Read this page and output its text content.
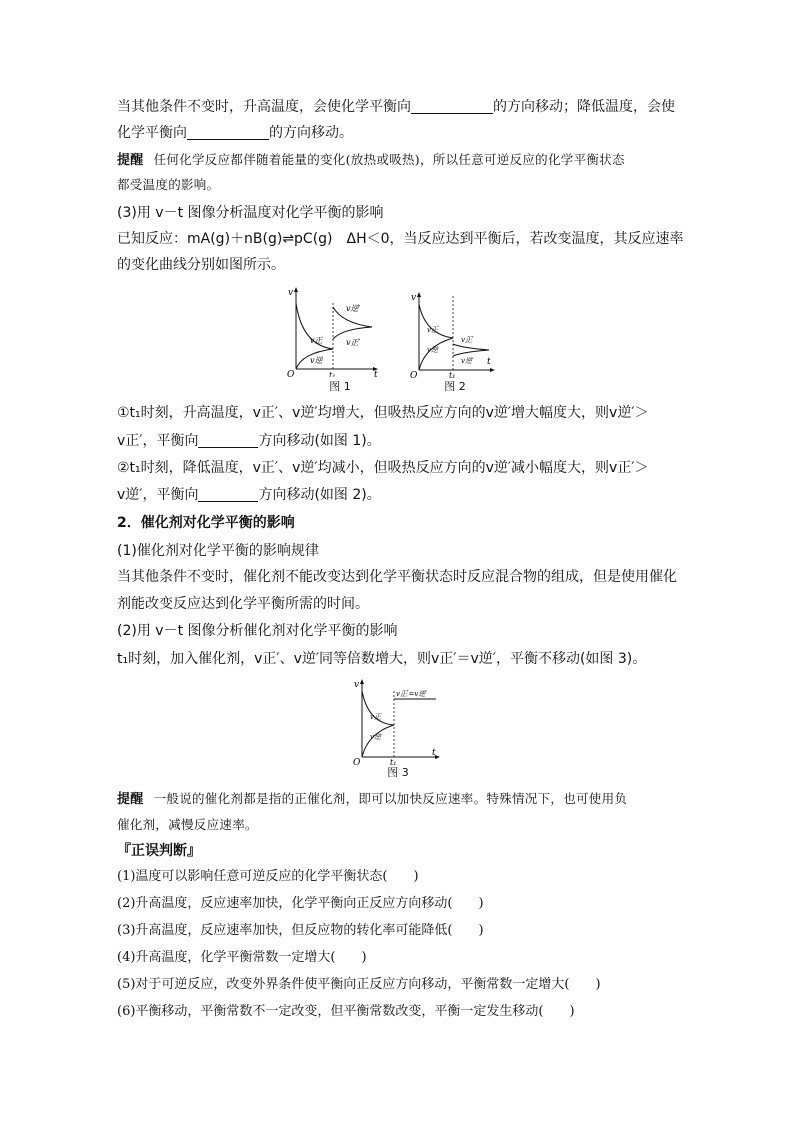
当其他条件不变时，升高温度，会使化学平衡向	的方向移动；降低温度，会使
化学平衡向	的方向移动。
提醒 任何化学反应都伴随着能量的变化(放热或吸热)，所以任意可逆反应的化学平衡状态
都受温度的影响。
(3)用 v－t 图像分析温度对化学平衡的影响
已知反应：mA(g)＋nB(g)⇌pC(g)　ΔH＜0，当反应达到平衡后，若改变温度，其反应速率
的变化曲线分别如图所示。
v
t
O	t₁
v正
v逆
v逆′
v正′
图 1
v
t
O	t₁
v正
v逆
v正′
v逆′
图 2
①t₁时刻，升高温度，v正′、v逆′均增大，但吸热反应方向的v逆′增大幅度大，则v逆′＞
v正′，平衡向	方向移动(如图 1)。
②t₁时刻，降低温度，v正′、v逆′均减小，但吸热反应方向的v逆′减小幅度大，则v正′＞
v逆′，平衡向	方向移动(如图 2)。
2．催化剂对化学平衡的影响
(1)催化剂对化学平衡的影响规律
当其他条件不变时，催化剂不能改变达到化学平衡状态时反应混合物的组成，但是使用催化
剂能改变反应达到化学平衡所需的时间。
(2)用 v－t 图像分析催化剂对化学平衡的影响
t₁时刻，加入催化剂，v正′、v逆′同等倍数增大，则v正′＝v逆′，平衡不移动(如图 3)。
v
t
O	t₁
v正
v逆
v正′=v逆′
图 3
提醒 一般说的催化剂都是指的正催化剂，即可以加快反应速率。特殊情况下，也可使用负
催化剂，减慢反应速率。
『正误判断』
(1)温度可以影响任意可逆反应的化学平衡状态(　　)
(2)升高温度，反应速率加快，化学平衡向正反应方向移动(　　)
(3)升高温度，反应速率加快，但反应物的转化率可能降低(　　)
(4)升高温度，化学平衡常数一定增大(　　)
(5)对于可逆反应，改变外界条件使平衡向正反应方向移动，平衡常数一定增大(　　)
(6)平衡移动，平衡常数不一定改变，但平衡常数改变，平衡一定发生移动(　　)
